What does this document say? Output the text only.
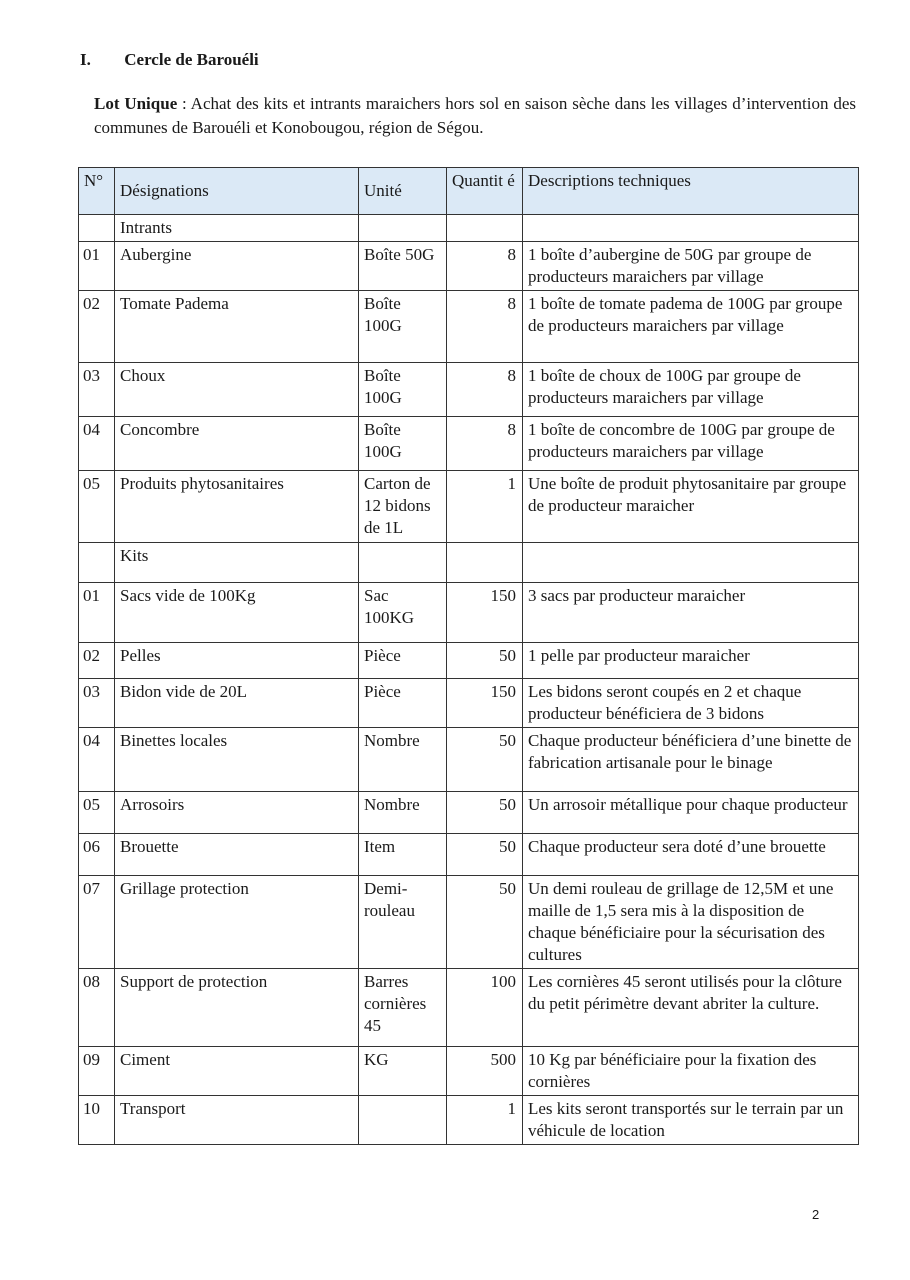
I. Cercle de Barouéli
Lot Unique : Achat des kits et intrants maraichers hors sol en saison sèche dans les villages d’intervention des communes de Barouéli et Konobougou, région de Ségou.
N°	Désignations	Unité	Quantit é	Descriptions techniques
	Intrants			
01	Aubergine	Boîte 50G	8	1 boîte d’aubergine de 50G par groupe de producteurs maraichers par village
02	Tomate Padema	Boîte 100G	8	1 boîte de tomate padema de 100G par groupe de producteurs maraichers par village
03	Choux	Boîte 100G	8	1 boîte de choux de 100G par groupe de producteurs maraichers par village
04	Concombre	Boîte 100G	8	1 boîte de concombre de 100G par groupe de producteurs maraichers par village
05	Produits phytosanitaires	Carton de 12 bidons de 1L	1	Une boîte de produit phytosanitaire par groupe de producteur maraicher
	Kits			
01	Sacs vide de 100Kg	Sac 100KG	150	3 sacs par producteur maraicher
02	Pelles	Pièce	50	1 pelle par producteur maraicher
03	Bidon vide de 20L	Pièce	150	Les bidons seront coupés en 2 et chaque producteur bénéficiera de 3 bidons
04	Binettes locales	Nombre	50	Chaque producteur bénéficiera d’une binette de fabrication artisanale pour le binage
05	Arrosoirs	Nombre	50	Un arrosoir métallique pour chaque producteur
06	Brouette	Item	50	Chaque producteur sera doté d’une brouette
07	Grillage protection	Demi-rouleau	50	Un demi rouleau de grillage de 12,5M et une maille de 1,5 sera mis à la disposition de chaque bénéficiaire pour la sécurisation des cultures
08	Support de protection	Barres cornières 45	100	Les cornières 45 seront utilisés pour la clôture du petit périmètre devant abriter la culture.
09	Ciment	KG	500	10 Kg par bénéficiaire pour la fixation des cornières
10	Transport		1	Les kits seront transportés sur le terrain par un véhicule de location
2
